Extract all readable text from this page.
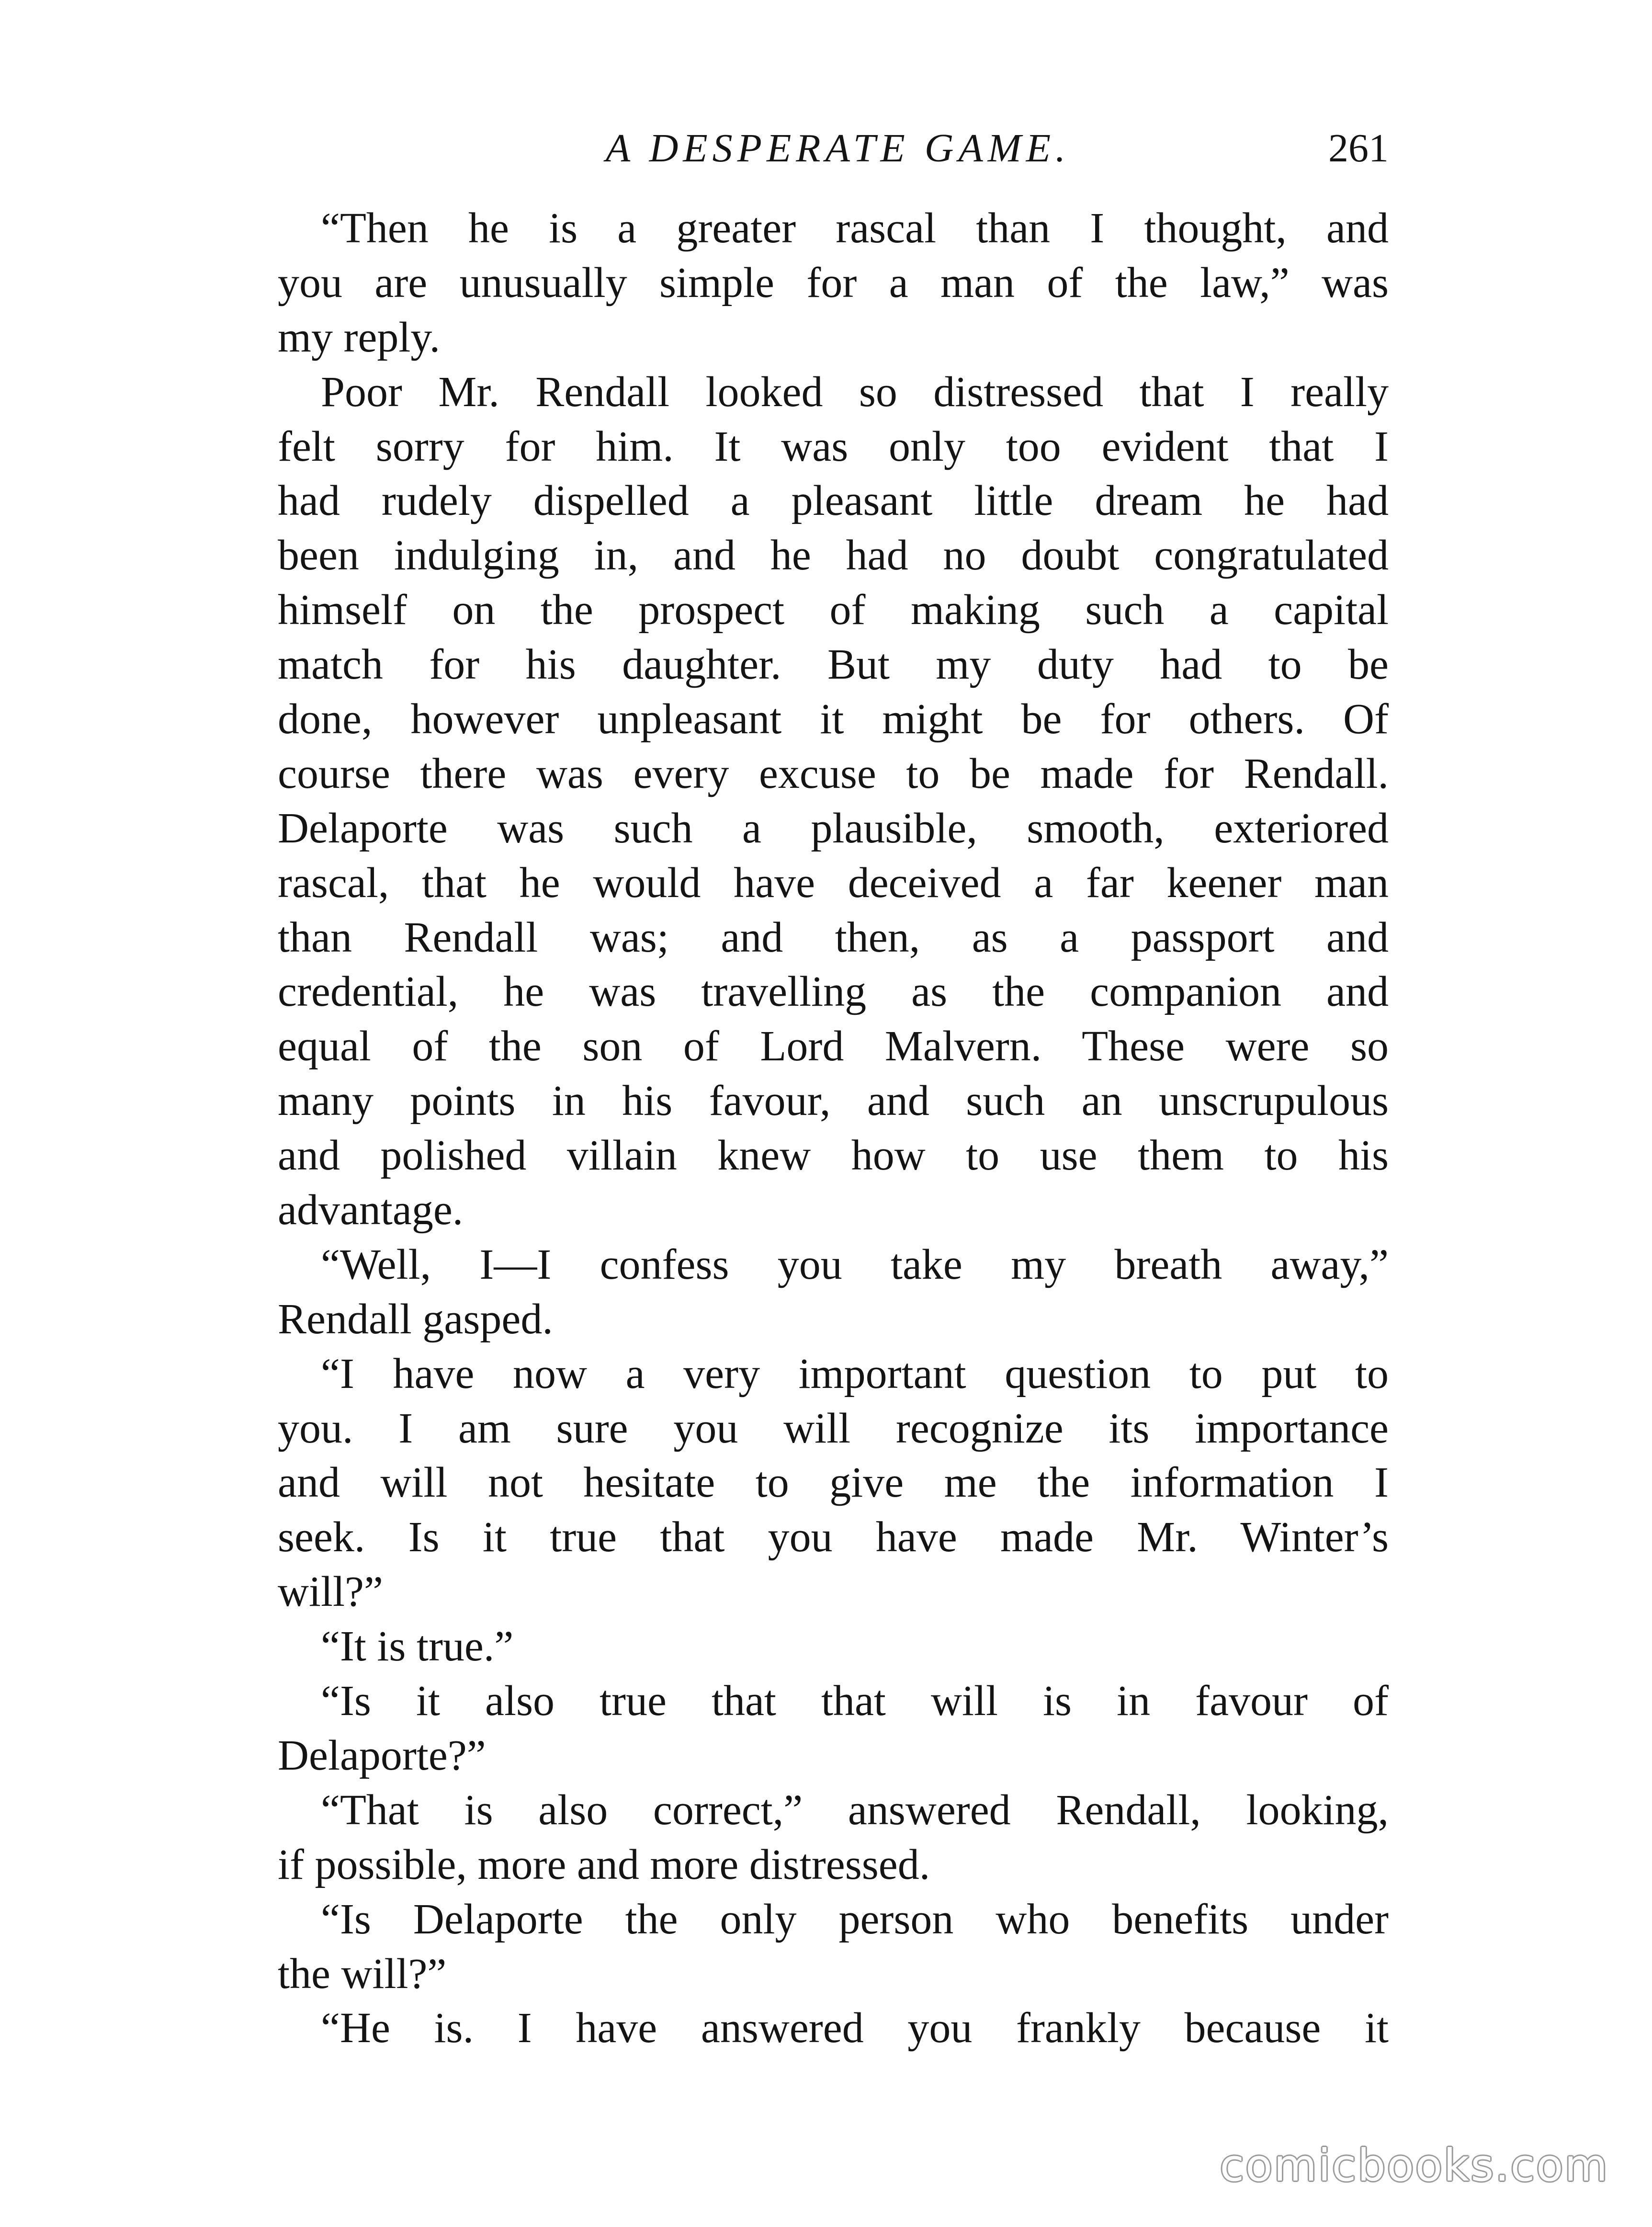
A DESPERATE GAME.	261
“Then he is a greater rascal than I thought, and
you are unusually simple for a man of the law,” was
my reply.
Poor Mr. Rendall looked so distressed that I really
felt sorry for him. It was only too evident that I
had rudely dispelled a pleasant little dream he had
been indulging in, and he had no doubt congratulated
himself on the prospect of making such a capital
match for his daughter. But my duty had to be
done, however unpleasant it might be for others. Of
course there was every excuse to be made for Rendall.
Delaporte was such a plausible, smooth, exteriored
rascal, that he would have deceived a far keener man
than Rendall was; and then, as a passport and
credential, he was travelling as the companion and
equal of the son of Lord Malvern. These were so
many points in his favour, and such an unscrupulous
and polished villain knew how to use them to his
advantage.
“Well, I—I confess you take my breath away,”
Rendall gasped.
“I have now a very important question to put to
you. I am sure you will recognize its importance
and will not hesitate to give me the information I
seek. Is it true that you have made Mr. Winter’s
will?”
“It is true.”
“Is it also true that that will is in favour of
Delaporte?”
“That is also correct,” answered Rendall, looking,
if possible, more and more distressed.
“Is Delaporte the only person who benefits under
the will?”
“He is. I have answered you frankly because it
comicbooks.com
